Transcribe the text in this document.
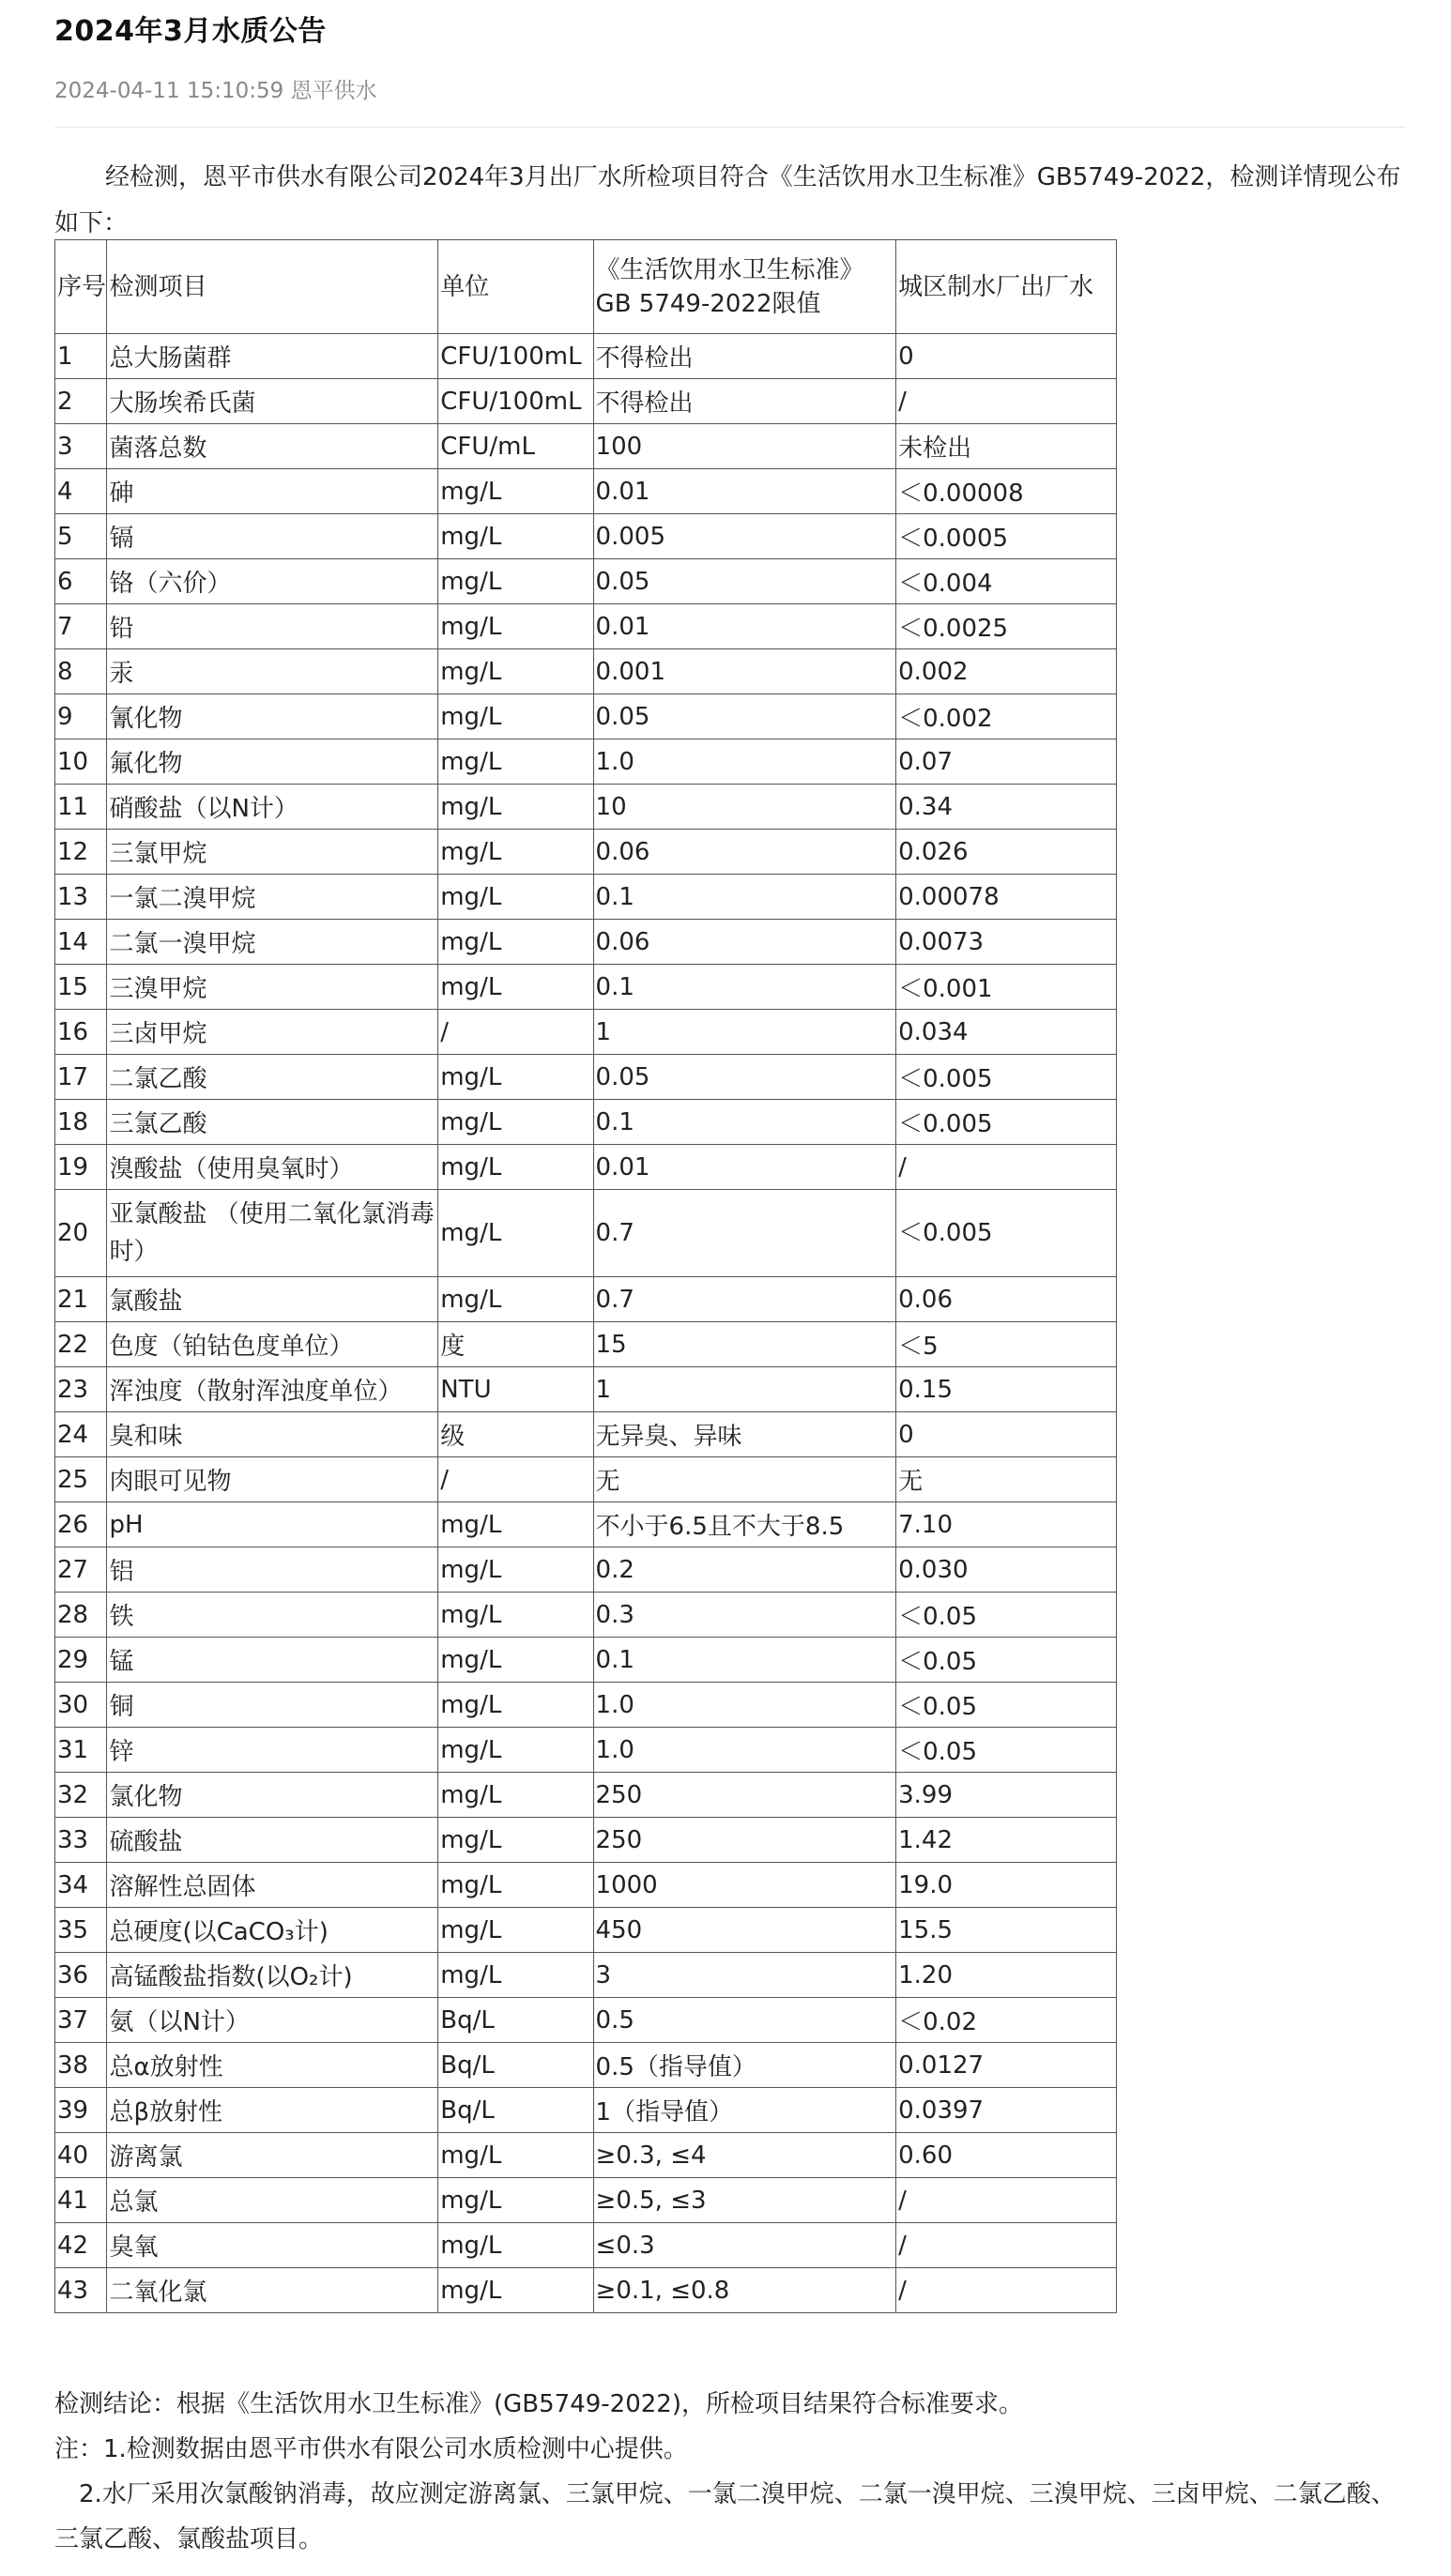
2024年3月水质公告
2024-04-11 15:10:59 恩平供水
经检测，恩平市供水有限公司2024年3月出厂水所检项目符合《生活饮用水卫生标准》GB5749-2022，检测详情现公布如下：
序号	检测项目	单位	《生活饮用水卫生标准》
GB 5749-2022限值	城区制水厂出厂水
1	总大肠菌群	CFU/100mL	不得检出	0
2	大肠埃希氏菌	CFU/100mL	不得检出	/
3	菌落总数	CFU/mL	100	未检出
4	砷	mg/L	0.01	＜0.00008
5	镉	mg/L	0.005	＜0.0005
6	铬（六价）	mg/L	0.05	＜0.004
7	铅	mg/L	0.01	＜0.0025
8	汞	mg/L	0.001	0.002
9	氰化物	mg/L	0.05	＜0.002
10	氟化物	mg/L	1.0	0.07
11	硝酸盐（以N计）	mg/L	10	0.34
12	三氯甲烷	mg/L	0.06	0.026
13	一氯二溴甲烷	mg/L	0.1	0.00078
14	二氯一溴甲烷	mg/L	0.06	0.0073
15	三溴甲烷	mg/L	0.1	＜0.001
16	三卤甲烷	/	1	0.034
17	二氯乙酸	mg/L	0.05	＜0.005
18	三氯乙酸	mg/L	0.1	＜0.005
19	溴酸盐（使用臭氧时）	mg/L	0.01	/
20	亚氯酸盐 （使用二氧化氯消毒时）	mg/L	0.7	＜0.005
21	氯酸盐	mg/L	0.7	0.06
22	色度（铂钴色度单位）	度	15	＜5
23	浑浊度（散射浑浊度单位）	NTU	1	0.15
24	臭和味	级	无异臭、异味	0
25	肉眼可见物	/	无	无
26	pH	mg/L	不小于6.5且不大于8.5	7.10
27	铝	mg/L	0.2	0.030
28	铁	mg/L	0.3	＜0.05
29	锰	mg/L	0.1	＜0.05
30	铜	mg/L	1.0	＜0.05
31	锌	mg/L	1.0	＜0.05
32	氯化物	mg/L	250	3.99
33	硫酸盐	mg/L	250	1.42
34	溶解性总固体	mg/L	1000	19.0
35	总硬度(以CaCO₃计)	mg/L	450	15.5
36	高锰酸盐指数(以O₂计)	mg/L	3	1.20
37	氨（以N计）	Bq/L	0.5	＜0.02
38	总α放射性	Bq/L	0.5（指导值）	0.0127
39	总β放射性	Bq/L	1（指导值）	0.0397
40	游离氯	mg/L	≥0.3, ≤4	0.60
41	总氯	mg/L	≥0.5, ≤3	/
42	臭氧	mg/L	≤0.3	/
43	二氧化氯	mg/L	≥0.1, ≤0.8	/

检测结论：根据《生活饮用水卫生标准》(GB5749-2022)，所检项目结果符合标准要求。

注：1.检测数据由恩平市供水有限公司水质检测中心提供。

2.水厂采用次氯酸钠消毒，故应测定游离氯、三氯甲烷、一氯二溴甲烷、二氯一溴甲烷、三溴甲烷、三卤甲烷、二氯乙酸、三氯乙酸、氯酸盐项目。
